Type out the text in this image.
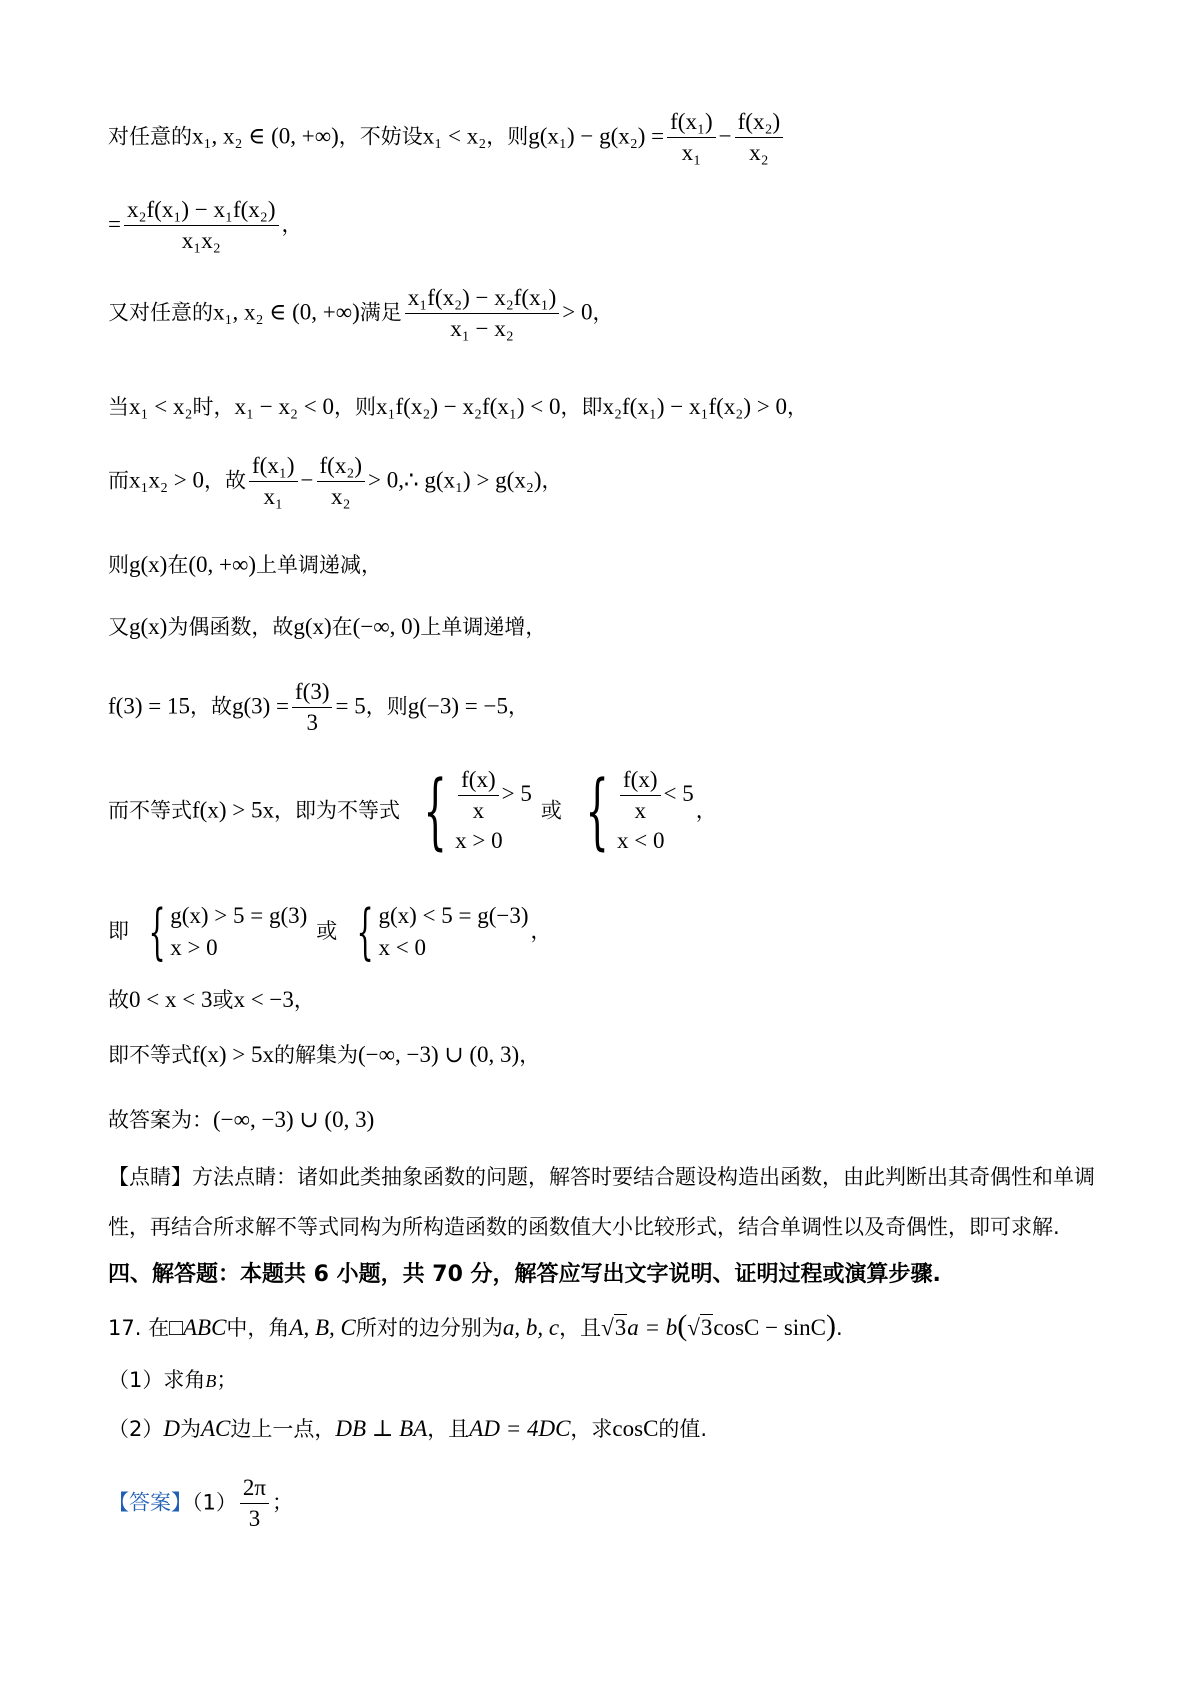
对任意的x₁, x₂ ∈ (0, +∞)，不妨设x₁ < x₂，则$g(x_1) - g(x_2) = \frac{\text{f(x₁)}}{\text{x₁}} - \frac{\text{f(x₂)}}{\text{x₂}}$
= $\frac{\text{x₂f(x₁) − x₁f(x₂)}}{\text{x₁x₂}}$ ，
又对任意的x₁, x₂ ∈ (0, +∞)满足 $\frac{\text{x₁f(x₂) − x₂f(x₁)}}{\text{x₁ − x₂}} > 0$，
当x₁ < x₂时，x₁ − x₂ < 0，则x₁f(x₂) − x₂f(x₁) < 0，即x₂f(x₁) − x₁f(x₂) > 0，
而x₁x₂ > 0，故 $\frac{\text{f(x₁)}}{\text{x₁}} - \frac{\text{f(x₂)}}{\text{x₂}}$ > 0,∴ g(x₁) > g(x₂)，
则g(x)在(0, +∞)上单调递减，
又g(x)为偶函数，故g(x)在(−∞, 0)上单调递增，
f(3) = 15，故$g(3) = \frac{f(3)}{3} = 5$，则g(−3) = −5，
而不等式f(x) > 5x，即为不等式 { $\frac{f(x)}{x} > 5$
x > 0
或 { $\frac{f(x)}{x} < 5$
x < 0
，
即 { g(x) > 5 = g(3)
x > 0
或 { g(x) < 5 = g(−3)
x < 0
，
故0 < x < 3或x < −3，
即不等式f(x) > 5x的解集为(−∞, −3) ∪ (0, 3)，
故答案为：(−∞, −3) ∪ (0, 3)
【点睛】方法点睛：诸如此类抽象函数的问题，解答时要结合题设构造出函数，由此判断出其奇偶性和单调
性，再结合所求解不等式同构为所构造函数的函数值大小比较形式，结合单调性以及奇偶性，即可求解.
四、解答题：本题共 6 小题，共 70 分，解答应写出文字说明、证明过程或演算步骤.
17. 在□ABC中，角A, B, C所对的边分别为a, b, c，且√3a = b(√3cosC − sinC).
（1）求角B；
（2）D为AC边上一点，DB ⊥ BA，且AD = 4DC，求cosC的值.
【答案】$(1) \frac{2\pi}{3}$ ；
